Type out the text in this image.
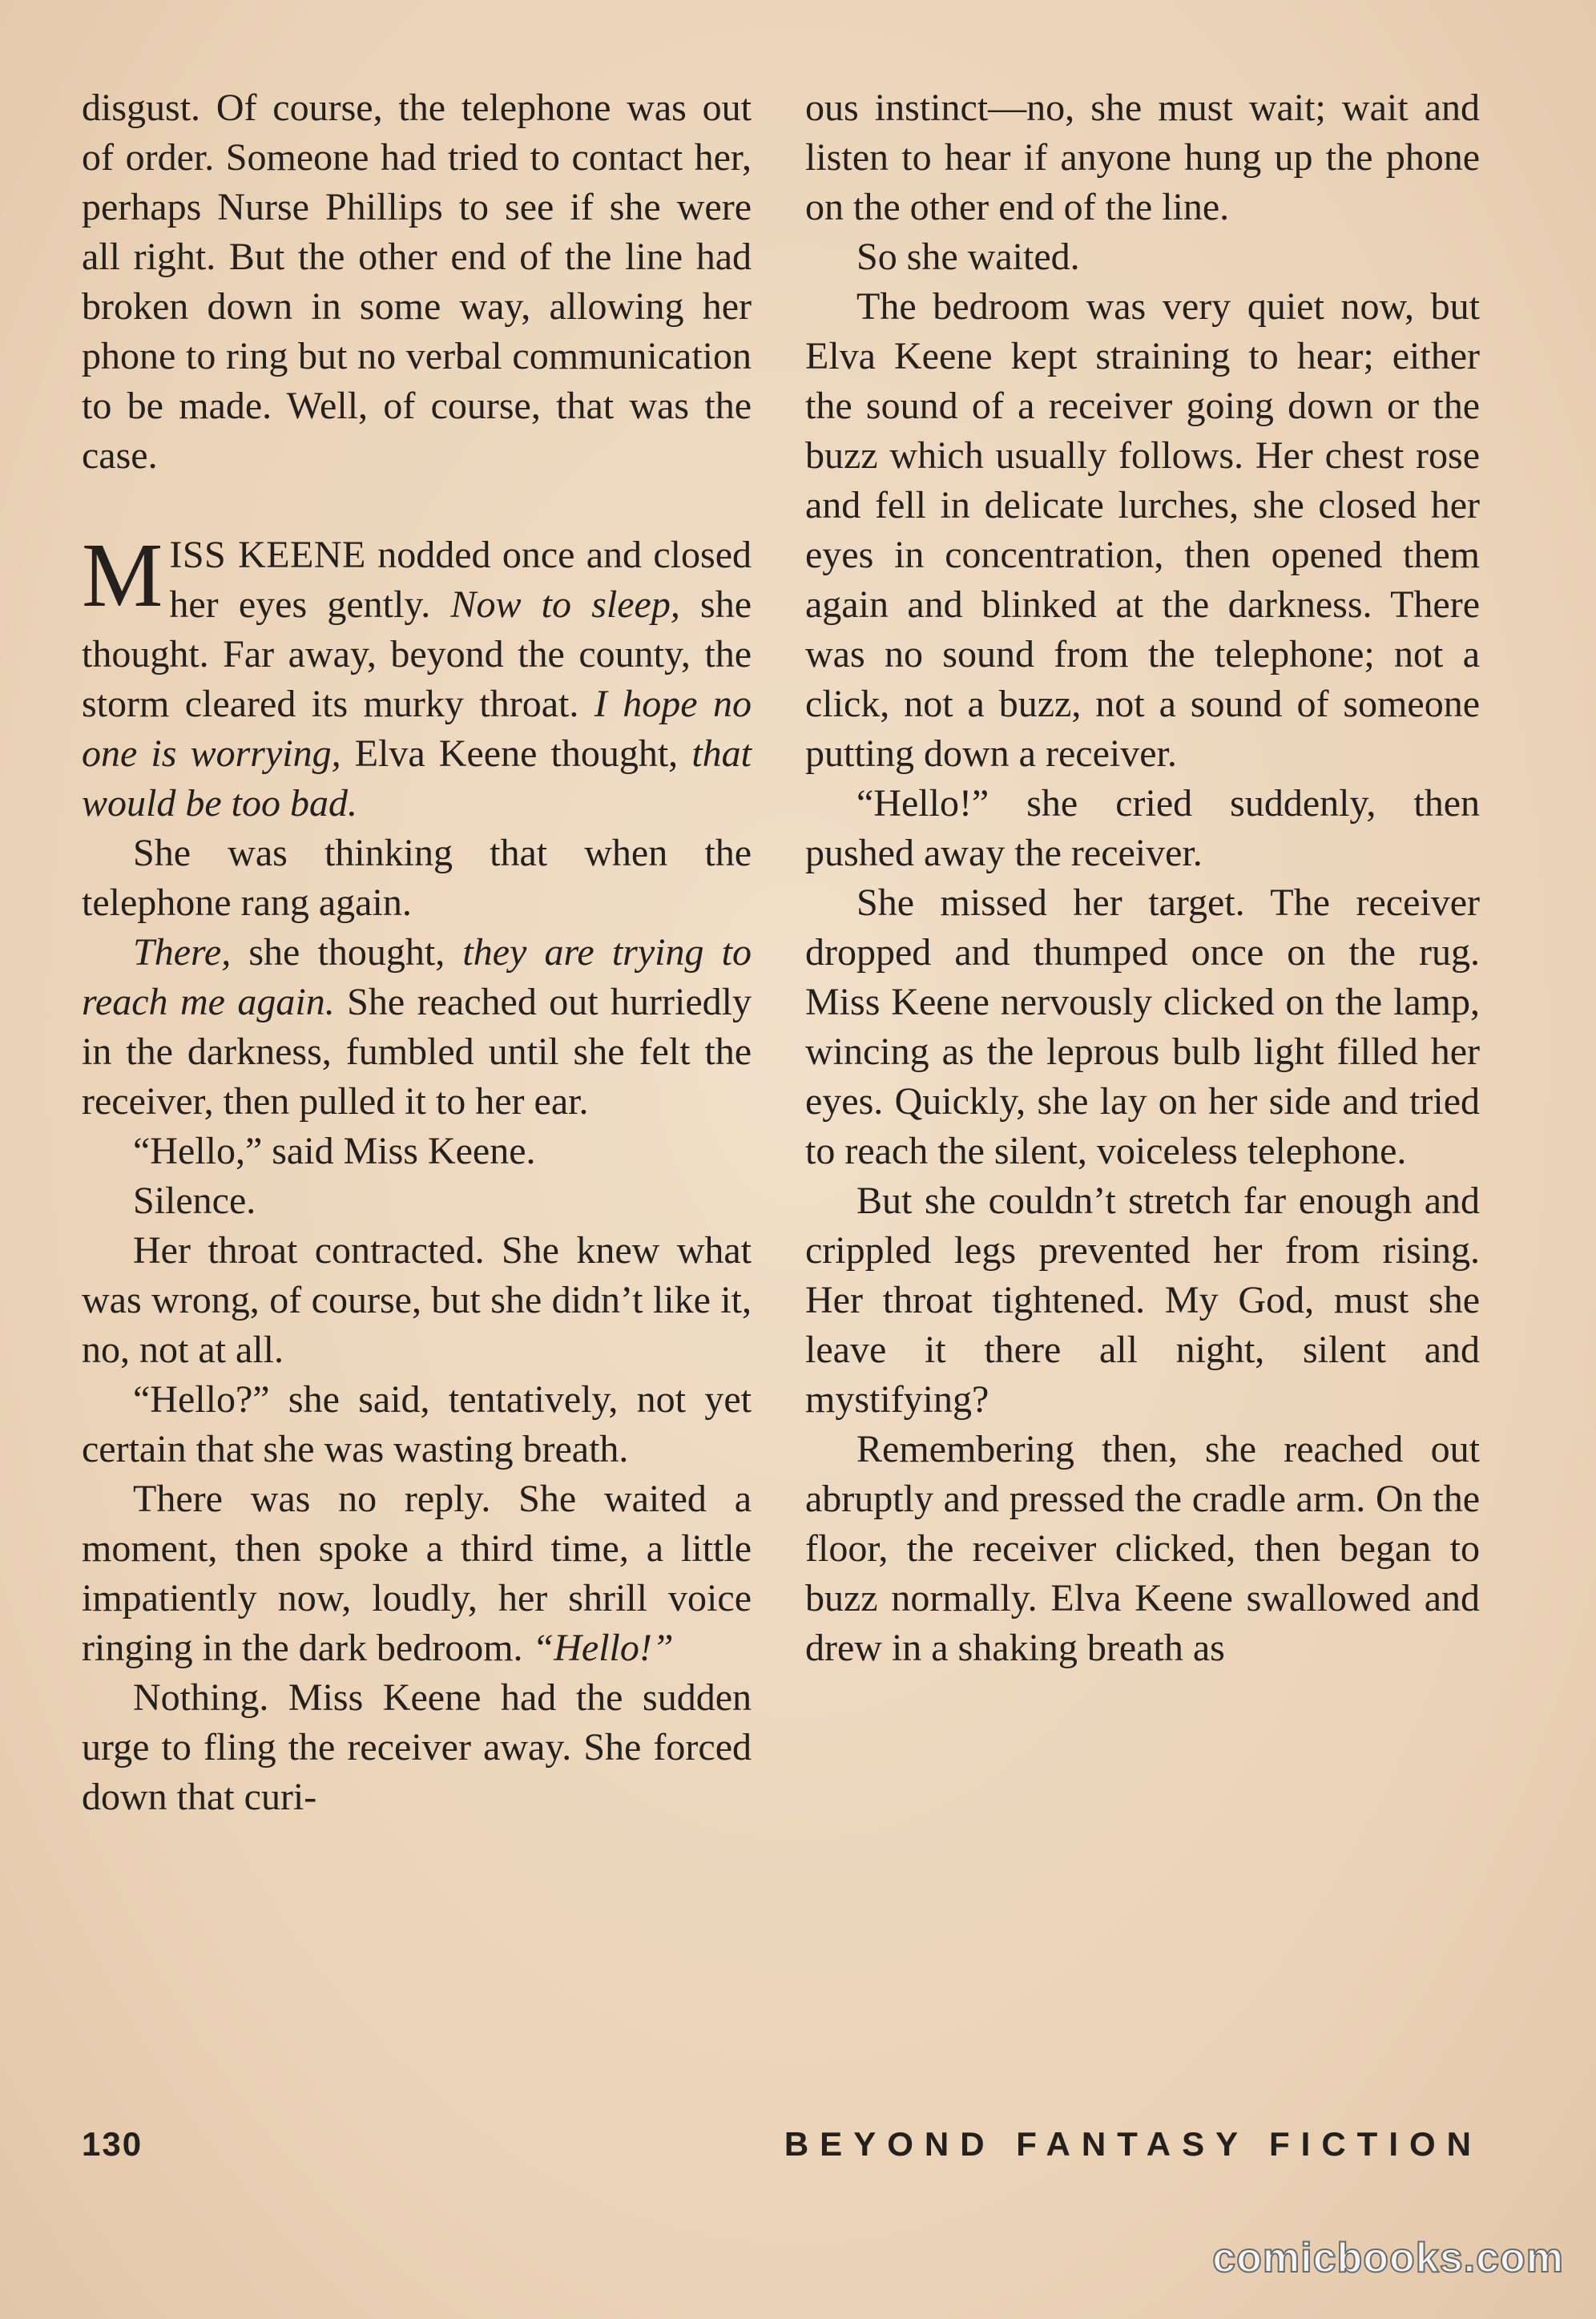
disgust. Of course, the telephone was out of order. Someone had tried to contact her, perhaps Nurse Phillips to see if she were all right. But the other end of the line had broken down in some way, allowing her phone to ring but no verbal communication to be made. Well, of course, that was the case.

MISS KEENE nodded once and closed her eyes gently. Now to sleep, she thought. Far away, beyond the county, the storm cleared its murky throat. I hope no one is worrying, Elva Keene thought, that would be too bad.

She was thinking that when the telephone rang again.

There, she thought, they are trying to reach me again. She reached out hurriedly in the darkness, fumbled until she felt the receiver, then pulled it to her ear.

“Hello,” said Miss Keene.

Silence.

Her throat contracted. She knew what was wrong, of course, but she didn’t like it, no, not at all.

“Hello?” she said, tentatively, not yet certain that she was wasting breath.

There was no reply. She waited a moment, then spoke a third time, a little impatiently now, loudly, her shrill voice ringing in the dark bedroom. “Hello!”

Nothing. Miss Keene had the sudden urge to fling the receiver away. She forced down that curi-

ous instinct—no, she must wait; wait and listen to hear if anyone hung up the phone on the other end of the line.

So she waited.

The bedroom was very quiet now, but Elva Keene kept straining to hear; either the sound of a receiver going down or the buzz which usually follows. Her chest rose and fell in delicate lurches, she closed her eyes in concentration, then opened them again and blinked at the darkness. There was no sound from the telephone; not a click, not a buzz, not a sound of someone putting down a receiver.

“Hello!” she cried suddenly, then pushed away the receiver.

She missed her target. The receiver dropped and thumped once on the rug. Miss Keene nervously clicked on the lamp, wincing as the leprous bulb light filled her eyes. Quickly, she lay on her side and tried to reach the silent, voiceless telephone.

But she couldn’t stretch far enough and crippled legs prevented her from rising. Her throat tightened. My God, must she leave it there all night, silent and mystifying?

Remembering then, she reached out abruptly and pressed the cradle arm. On the floor, the receiver clicked, then began to buzz normally. Elva Keene swallowed and drew in a shaking breath as

130	BEYOND FANTASY FICTION
comicbooks.com
